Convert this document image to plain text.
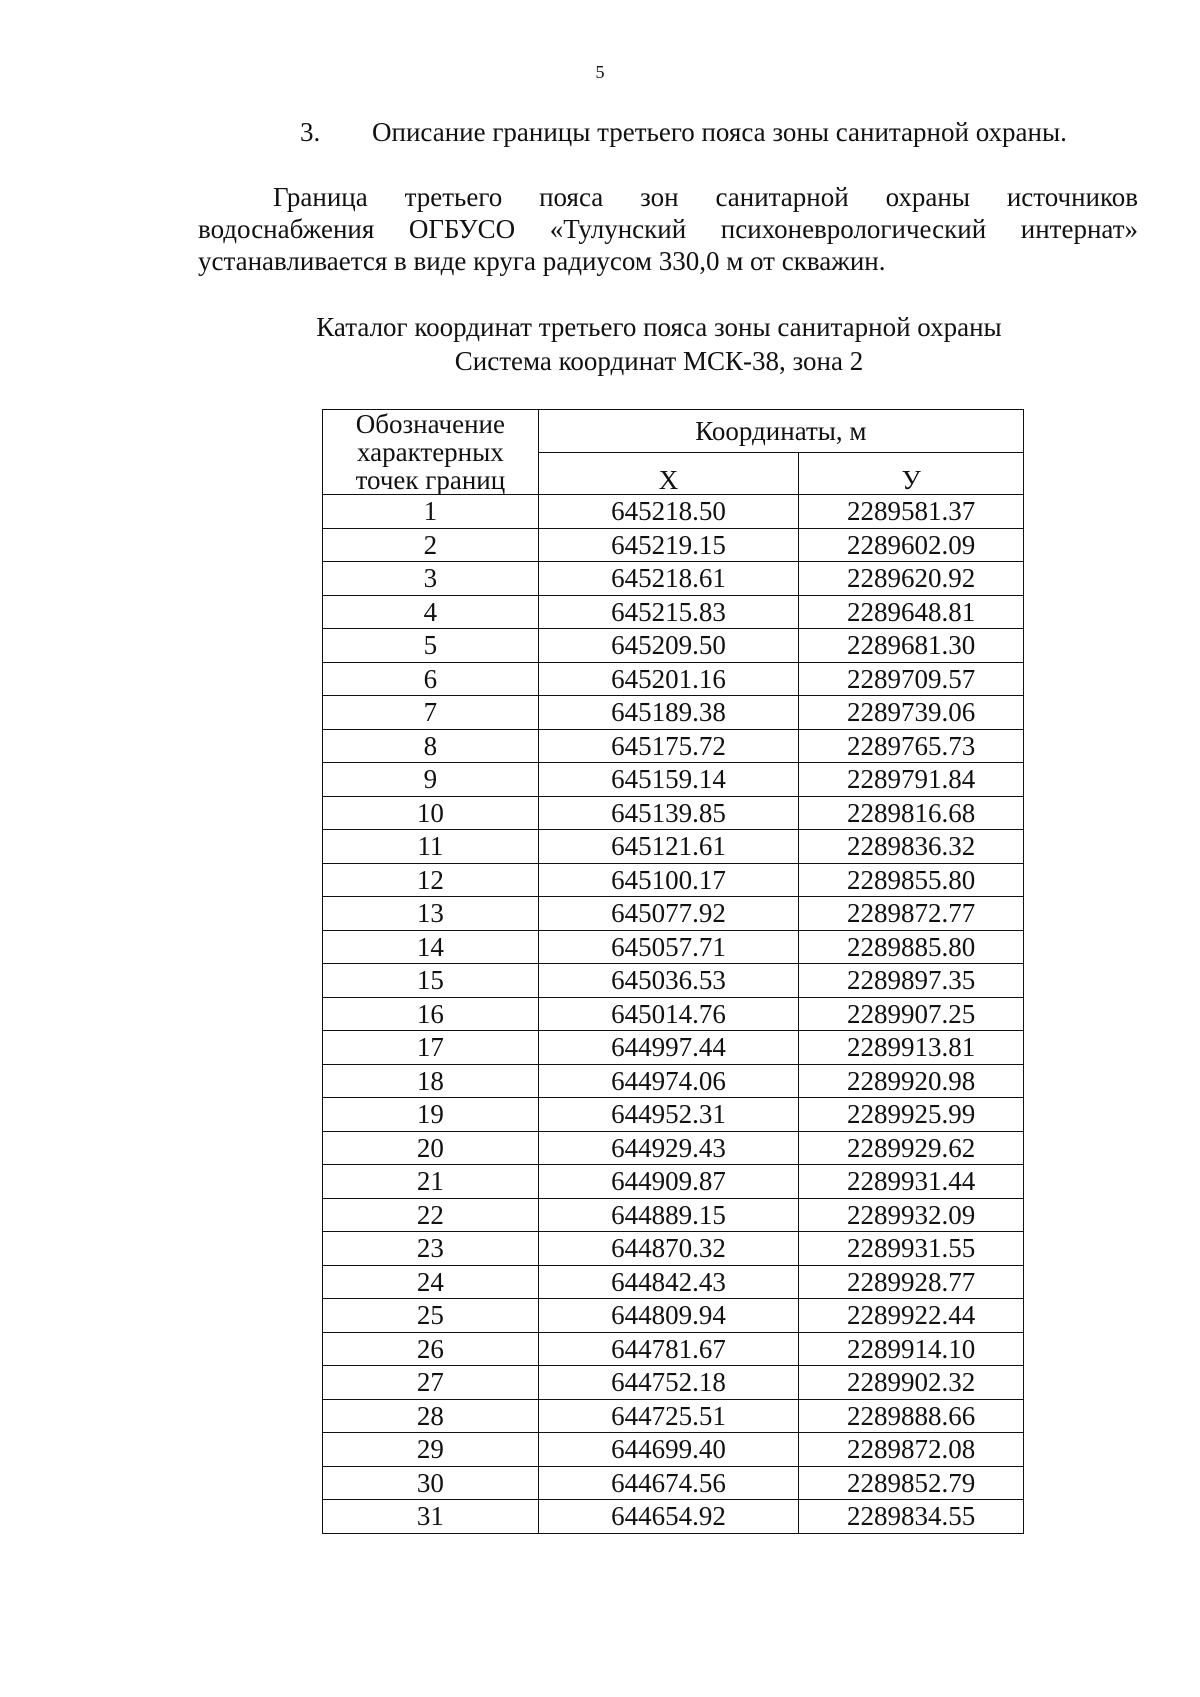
5
3. Описание границы третьего пояса зоны санитарной охраны.
Граница третьего пояса зон санитарной охраны источников
водоснабжения ОГБУСО «Тулунский психоневрологический интернат»
устанавливается в виде круга радиусом 330,0 м от скважин.
Каталог координат третьего пояса зоны санитарной охраны
Система координат МСК-38, зона 2
Обозначение характерных точек границ	Координаты, м	
	X	У
1	645218.50	2289581.37
2	645219.15	2289602.09
3	645218.61	2289620.92
4	645215.83	2289648.81
5	645209.50	2289681.30
6	645201.16	2289709.57
7	645189.38	2289739.06
8	645175.72	2289765.73
9	645159.14	2289791.84
10	645139.85	2289816.68
11	645121.61	2289836.32
12	645100.17	2289855.80
13	645077.92	2289872.77
14	645057.71	2289885.80
15	645036.53	2289897.35
16	645014.76	2289907.25
17	644997.44	2289913.81
18	644974.06	2289920.98
19	644952.31	2289925.99
20	644929.43	2289929.62
21	644909.87	2289931.44
22	644889.15	2289932.09
23	644870.32	2289931.55
24	644842.43	2289928.77
25	644809.94	2289922.44
26	644781.67	2289914.10
27	644752.18	2289902.32
28	644725.51	2289888.66
29	644699.40	2289872.08
30	644674.56	2289852.79
31	644654.92	2289834.55
